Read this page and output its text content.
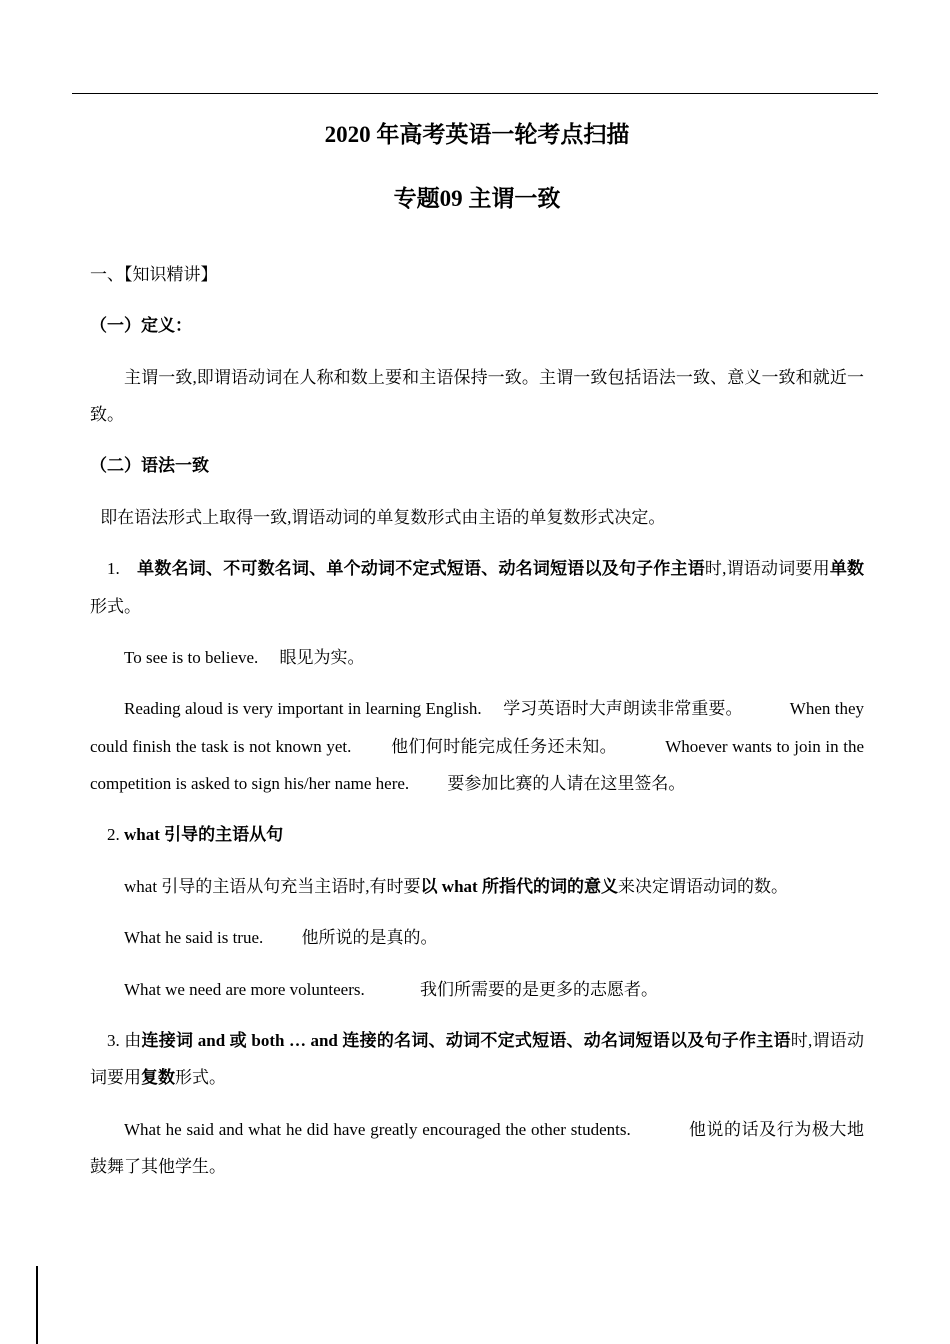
2020 年高考英语一轮考点扫描
专题09 主谓一致

一、【知识精讲】

（一）定义：

主谓一致,即谓语动词在人称和数上要和主语保持一致。主谓一致包括语法一致、意义一致和就近一致。

（二）语法一致

即在语法形式上取得一致,谓语动词的单复数形式由主语的单复数形式决定。

1.　单数名词、不可数名词、单个动词不定式短语、动名词短语以及句子作主语时,谓语动词要用单数形式。

To see is to believe.　 眼见为实。

Reading aloud is very important in learning English.　 学习英语时大声朗读非常重要。　　　 When they could finish the task is not known yet.　　 他们何时能完成任务还未知。　　　 Whoever wants to join in the competition is asked to sign his/her name here.　　 要参加比赛的人请在这里签名。

2. what 引导的主语从句

what 引导的主语从句充当主语时,有时要以 what 所指代的词的意义来决定谓语动词的数。

What he said is true.　　 他所说的是真的。

What we need are more volunteers.　　　 我们所需要的是更多的志愿者。

3. 由连接词 and 或 both … and 连接的名词、动词不定式短语、动名词短语以及句子作主语时,谓语动词要用复数形式。

What he said and what he did have greatly encouraged the other students.　　　 他说的话及行为极大地鼓舞了其他学生。
